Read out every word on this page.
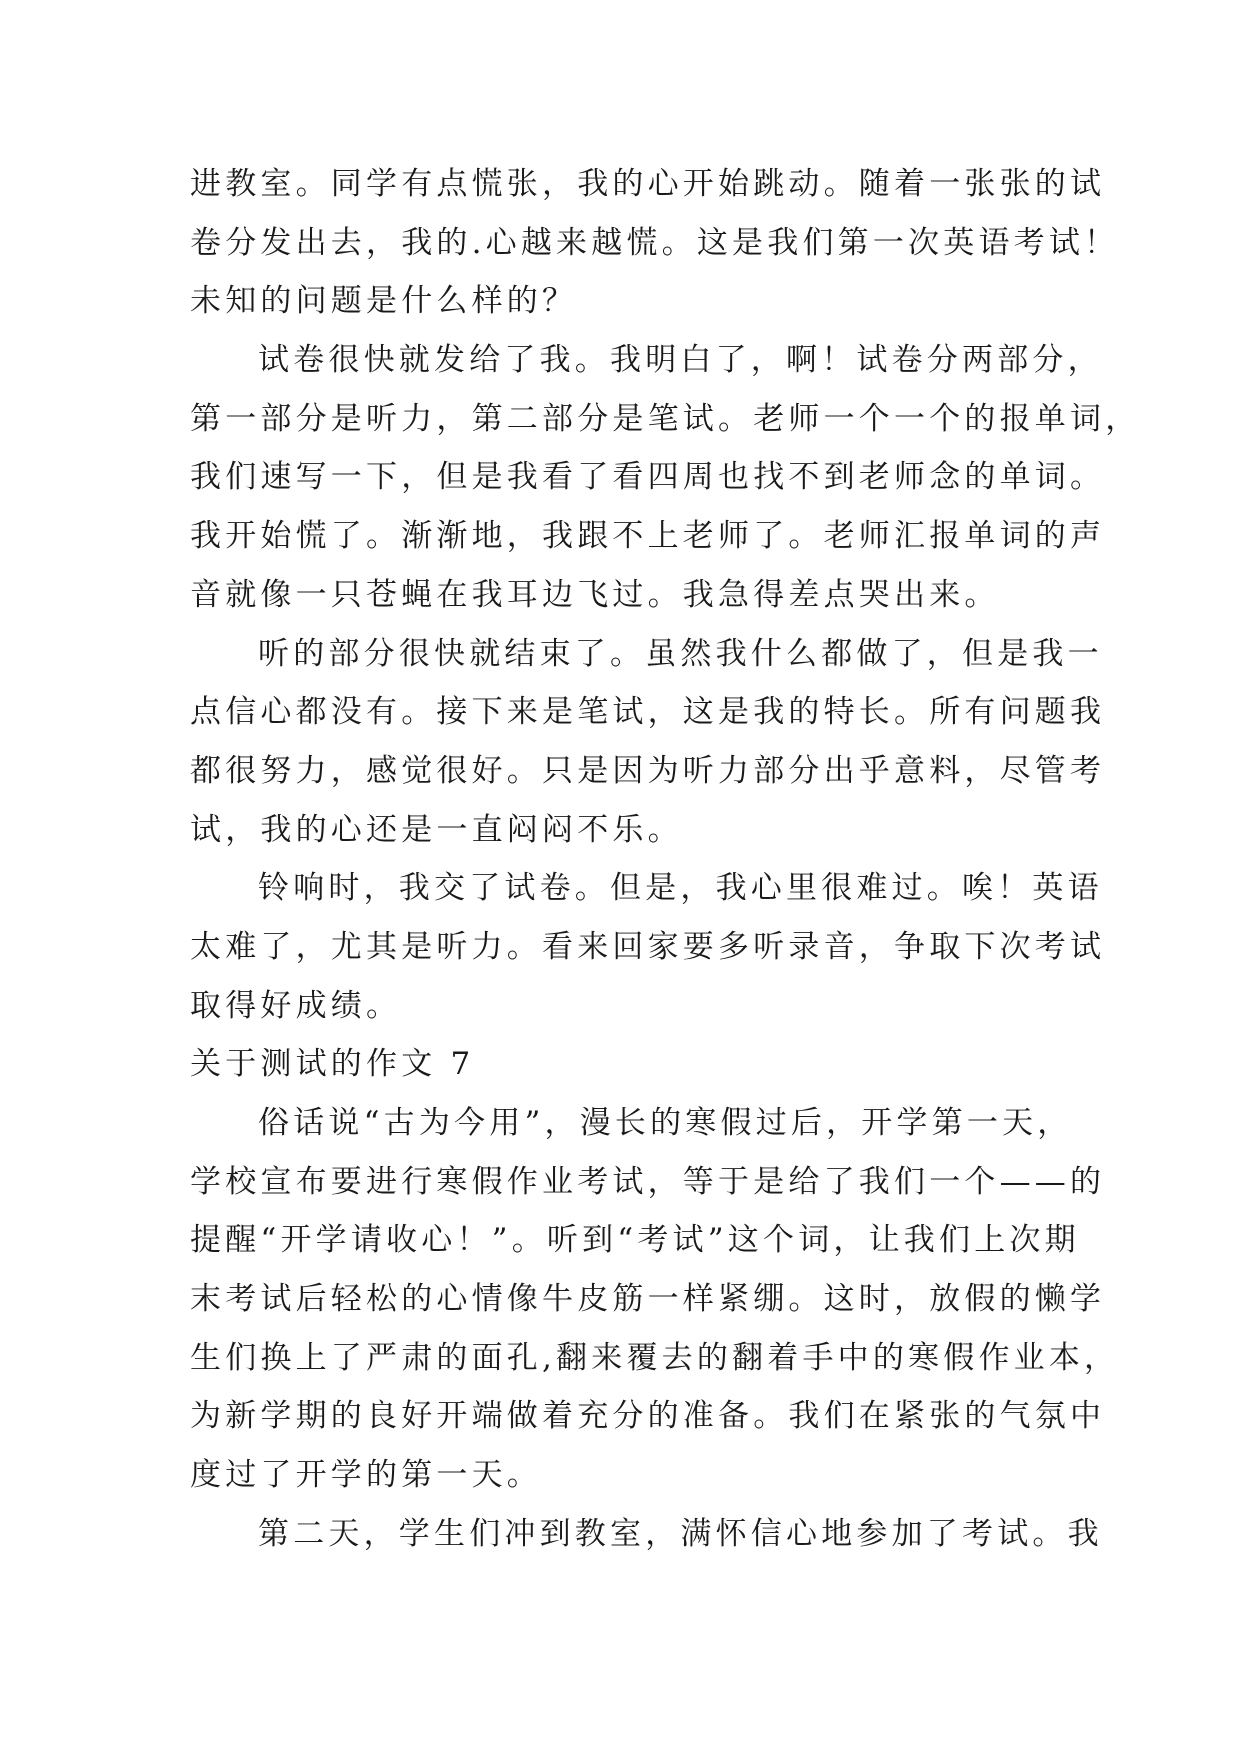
进教室。同学有点慌张，我的心开始跳动。随着一张张的试
卷分发出去，我的.心越来越慌。这是我们第一次英语考试！
未知的问题是什么样的？
试卷很快就发给了我。我明白了，啊！试卷分两部分，
第一部分是听力，第二部分是笔试。老师一个一个的报单词，
我们速写一下，但是我看了看四周也找不到老师念的单词。
我开始慌了。渐渐地，我跟不上老师了。老师汇报单词的声
音就像一只苍蝇在我耳边飞过。我急得差点哭出来。
听的部分很快就结束了。虽然我什么都做了，但是我一
点信心都没有。接下来是笔试，这是我的特长。所有问题我
都很努力，感觉很好。只是因为听力部分出乎意料，尽管考
试，我的心还是一直闷闷不乐。
铃响时，我交了试卷。但是，我心里很难过。唉！英语
太难了，尤其是听力。看来回家要多听录音，争取下次考试
取得好成绩。
关于测试的作文 7
俗话说“古为今用”，漫长的寒假过后，开学第一天，
学校宣布要进行寒假作业考试，等于是给了我们一个——的
提醒“开学请收心！”。听到“考试”这个词，让我们上次期
末考试后轻松的心情像牛皮筋一样紧绷。这时，放假的懒学
生们换上了严肃的面孔,翻来覆去的翻着手中的寒假作业本，
为新学期的良好开端做着充分的准备。我们在紧张的气氛中
度过了开学的第一天。
第二天，学生们冲到教室，满怀信心地参加了考试。我
